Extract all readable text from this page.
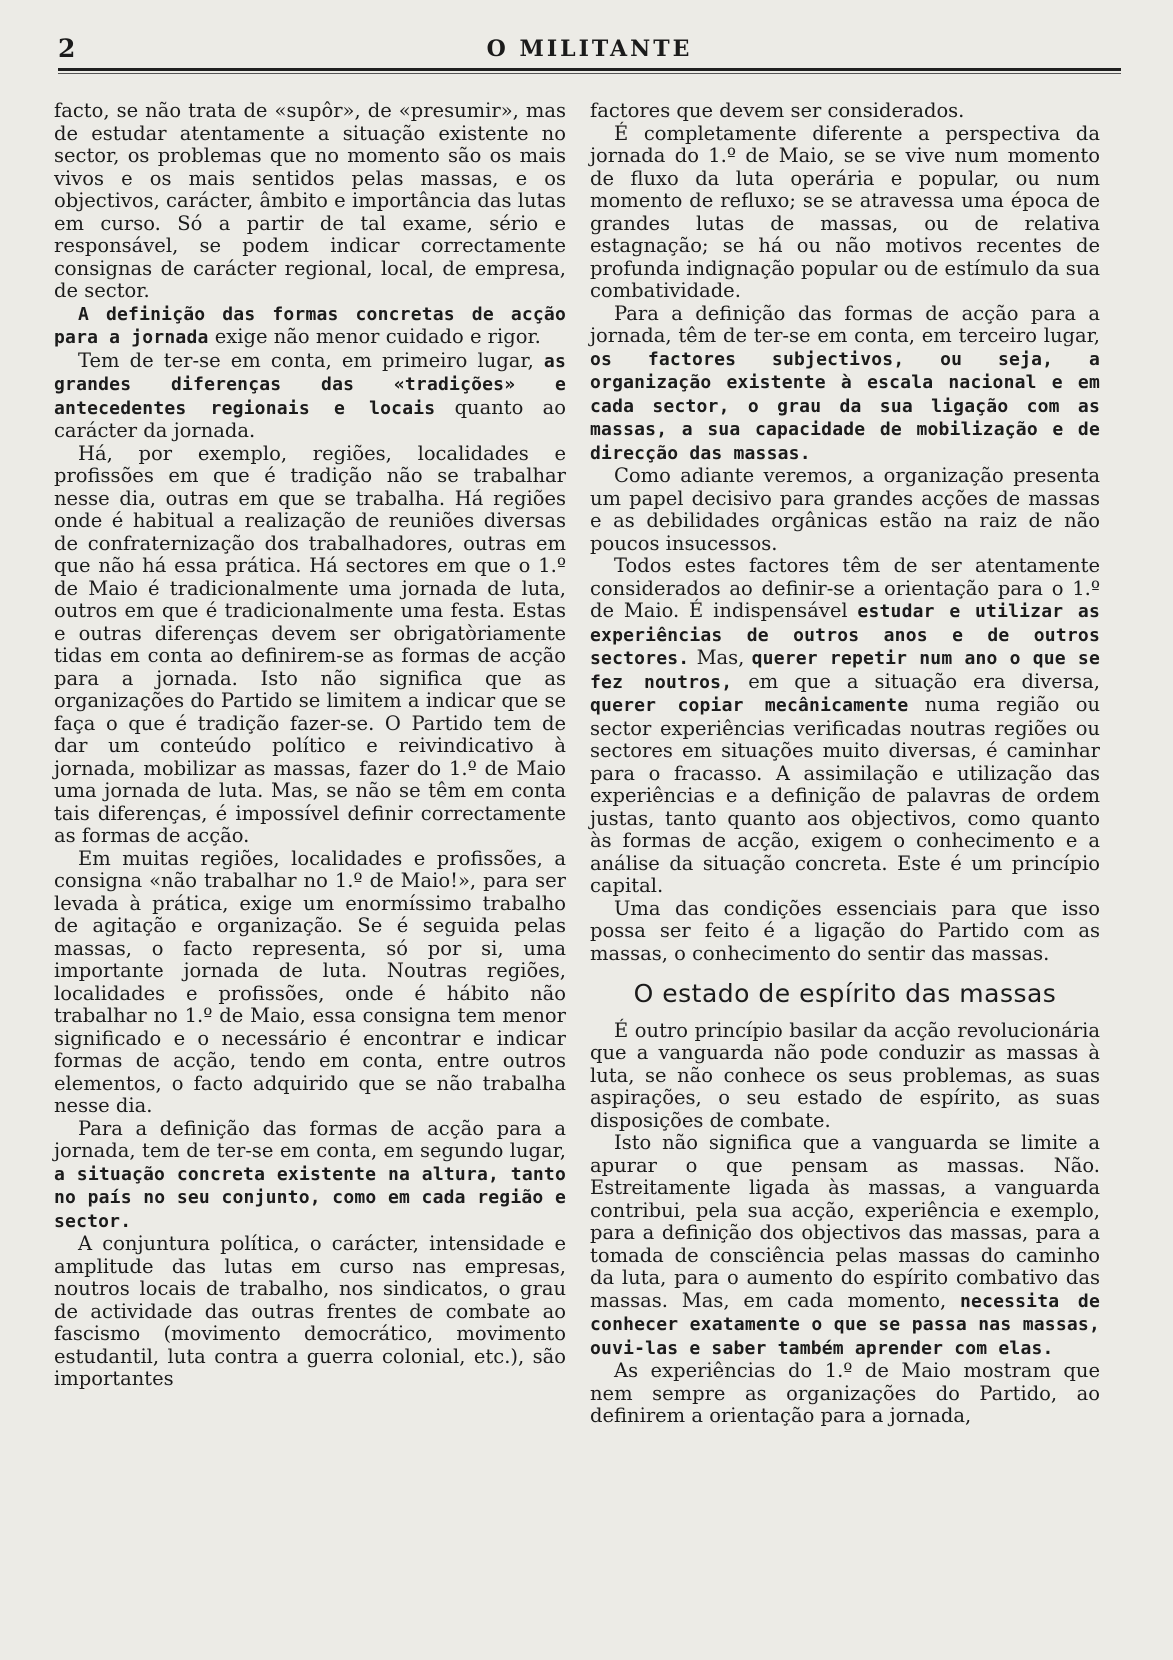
2	O MILITANTE

facto, se não trata de «supôr», de «presumir», mas de estudar atentamente a situação existente no sector, os problemas que no momento são os mais vivos e os mais sentidos pelas massas, e os objectivos, carácter, âmbito e importância das lutas em curso. Só a partir de tal exame, sério e responsável, se podem indicar correctamente consignas de carácter regional, local, de empresa, de sector.

A definição das formas concretas de acção para a jornada exige não menor cuidado e rigor.

Tem de ter-se em conta, em primeiro lugar, as grandes diferenças das «tradições» e antecedentes regionais e locais quanto ao carácter da jornada.

Há, por exemplo, regiões, localidades e profissões em que é tradição não se trabalhar nesse dia, outras em que se trabalha. Há regiões onde é habitual a realização de reuniões diversas de confraternização dos trabalhadores, outras em que não há essa prática. Há sectores em que o 1.º de Maio é tradicionalmente uma jornada de luta, outros em que é tradicionalmente uma festa. Estas e outras diferenças devem ser obrigatòriamente tidas em conta ao definirem-se as formas de acção para a jornada. Isto não significa que as organizações do Partido se limitem a indicar que se faça o que é tradição fazer-se. O Partido tem de dar um conteúdo político e reivindicativo à jornada, mobilizar as massas, fazer do 1.º de Maio uma jornada de luta. Mas, se não se têm em conta tais diferenças, é impossível definir correctamente as formas de acção.

Em muitas regiões, localidades e profissões, a consigna «não trabalhar no 1.º de Maio!», para ser levada à prática, exige um enormíssimo trabalho de agitação e organização. Se é seguida pelas massas, o facto representa, só por si, uma importante jornada de luta. Noutras regiões, localidades e profissões, onde é hábito não trabalhar no 1.º de Maio, essa consigna tem menor significado e o necessário é encontrar e indicar formas de acção, tendo em conta, entre outros elementos, o facto adquirido que se não trabalha nesse dia.

Para a definição das formas de acção para a jornada, tem de ter-se em conta, em segundo lugar, a situação concreta existente na altura, tanto no país no seu conjunto, como em cada região e sector.

A conjuntura política, o carácter, intensidade e amplitude das lutas em curso nas empresas, noutros locais de trabalho, nos sindicatos, o grau de actividade das outras frentes de combate ao fascismo (movimento democrático, movimento estudantil, luta contra a guerra colonial, etc.), são importantes

factores que devem ser considerados.

É completamente diferente a perspectiva da jornada do 1.º de Maio, se se vive num momento de fluxo da luta operária e popular, ou num momento de refluxo; se se atravessa uma época de grandes lutas de massas, ou de relativa estagnação; se há ou não motivos recentes de profunda indignação popular ou de estímulo da sua combatividade.

Para a definição das formas de acção para a jornada, têm de ter-se em conta, em terceiro lugar, os factores subjectivos, ou seja, a organização existente à escala nacional e em cada sector, o grau da sua ligação com as massas, a sua capacidade de mobilização e de direcção das massas.

Como adiante veremos, a organização presenta um papel decisivo para grandes acções de massas e as debilidades orgânicas estão na raiz de não poucos insucessos.

Todos estes factores têm de ser atentamente considerados ao definir-se a orientação para o 1.º de Maio. É indispensável estudar e utilizar as experiências de outros anos e de outros sectores. Mas, querer repetir num ano o que se fez noutros, em que a situação era diversa, querer copiar mecânicamente numa região ou sector experiências verificadas noutras regiões ou sectores em situações muito diversas, é caminhar para o fracasso. A assimilação e utilização das experiências e a definição de palavras de ordem justas, tanto quanto aos objectivos, como quanto às formas de acção, exigem o conhecimento e a análise da situação concreta. Este é um princípio capital.

Uma das condições essenciais para que isso possa ser feito é a ligação do Partido com as massas, o conhecimento do sentir das massas.

O estado de espírito das massas

É outro princípio basilar da acção revolucionária que a vanguarda não pode conduzir as massas à luta, se não conhece os seus problemas, as suas aspirações, o seu estado de espírito, as suas disposições de combate.

Isto não significa que a vanguarda se limite a apurar o que pensam as massas. Não. Estreitamente ligada às massas, a vanguarda contribui, pela sua acção, experiência e exemplo, para a definição dos objectivos das massas, para a tomada de consciência pelas massas do caminho da luta, para o aumento do espírito combativo das massas. Mas, em cada momento, necessita de conhecer exatamente o que se passa nas massas, ouvi-las e saber também aprender com elas.

As experiências do 1.º de Maio mostram que nem sempre as organizações do Partido, ao definirem a orientação para a jornada,
